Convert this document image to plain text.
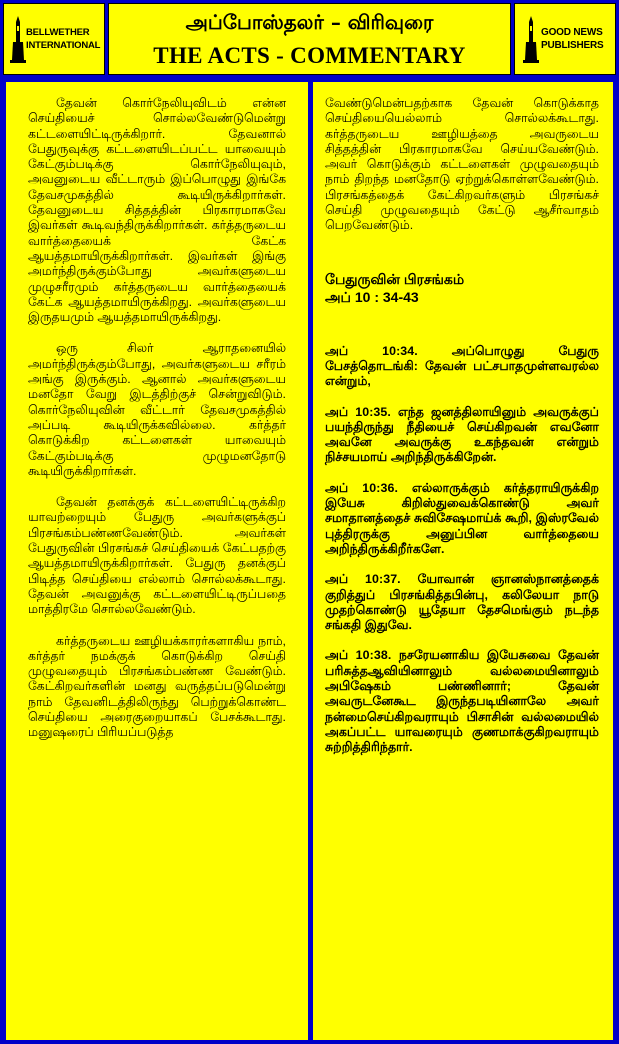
BELLWETHER
INTERNATIONAL
அப்போஸ்தலர் – விரிவுரை
THE ACTS - COMMENTARY
GOOD NEWS
PUBLISHERS

தேவன் கொர்நேலியுவிடம் என்ன செய்தியைச் சொல்லவேண்டுமென்று கட்டளையிட்டிருக்கிறார். தேவனால் பேதுருவுக்கு கட்டளையிடப்பட்ட யாவையும் கேட்கும்படிக்கு கொர்நேலியுவும், அவனுடைய வீட்டாரும் இப்பொழுது இங்கே தேவசமுகத்தில் கூடியிருக்கிறார்கள். தேவனுடைய சித்தத்தின் பிரகாரமாகவே இவர்கள் கூடிவந்திருக்கிறார்கள். கர்த்தருடைய வார்த்தையைக் கேட்க ஆயத்தமாயிருக்கிறார்கள். இவர்கள் இங்கு அமர்ந்திருக்கும்போது அவர்களுடைய முழுசரீரமும் கர்த்தருடைய வார்த்தையைக் கேட்க ஆயத்தமாயிருக்கிறது. அவர்களுடைய இருதயமும் ஆயத்தமாயிருக்கிறது.

ஒரு சிலர் ஆராதனையில் அமர்ந்திருக்கும்போது, அவர்களுடைய சரீரம் அங்கு இருக்கும். ஆனால் அவர்களுடைய மனதோ வேறு இடத்திற்குச் சென்றுவிடும். கொர்நேலியுவின் வீட்டார் தேவசமுகத்தில் அப்படி கூடியிருக்கவில்லை. கர்த்தர் கொடுக்கிற கட்டளைகள் யாவையும் கேட்கும்படிக்கு முழுமனதோடு கூடியிருக்கிறார்கள்.

தேவன் தனக்குக் கட்டளையிட்டிருக்கிற யாவற்றையும் பேதுரு அவர்களுக்குப் பிரசங்கம்பண்ணவேண்டும். அவர்கள் பேதுருவின் பிரசங்கச் செய்தியைக் கேட்பதற்கு ஆயத்தமாயிருக்கிறார்கள். பேதுரு தனக்குப் பிடித்த செய்தியை எல்லாம் சொல்லக்கூடாது. தேவன் அவனுக்கு கட்டளையிட்டிருப்பதை மாத்திரமே சொல்லவேண்டும்.

கர்த்தருடைய ஊழியக்காரர்களாகிய நாம், கர்த்தர் நமக்குக் கொடுக்கிற செய்தி முழுவதையும் பிரசங்கம்பண்ண வேண்டும். கேட்கிறவர்களின் மனது வருத்தப்படுமென்று நாம் தேவனிடத்திலிருந்து பெற்றுக்கொண்ட செய்தியை அரைகுறையாகப் பேசக்கூடாது. மனுஷரைப் பிரியப்படுத்த

வேண்டுமென்பதற்காக தேவன் கொடுக்காத செய்தியையெல்லாம் சொல்லக்கூடாது. கர்த்தருடைய ஊழியத்தை அவருடைய சித்தத்தின் பிரகாரமாகவே செய்யவேண்டும். அவர் கொடுக்கும் கட்டளைகள் முழுவதையும் நாம் திறந்த மனதோடு ஏற்றுக்கொள்ளவேண்டும். பிரசங்கத்தைக் கேட்கிறவர்களும் பிரசங்கச் செய்தி முழுவதையும் கேட்டு ஆசீர்வாதம் பெறவேண்டும்.

பேதுருவின் பிரசங்கம்
அப் 10 : 34-43

அப் 10:34. அப்பொழுது பேதுரு பேசத்தொடங்கி: தேவன் பட்சபாதமுள்ளவரல்ல என்றும்,

அப் 10:35. எந்த ஜனத்திலாயினும் அவருக்குப் பயந்திருந்து நீதியைச் செய்கிறவன் எவனோ அவனே அவருக்கு உகந்தவன் என்றும் நிச்சயமாய் அறிந்திருக்கிறேன்.

அப் 10:36. எல்லாருக்கும் கர்த்தராயிருக்கிற இயேசு கிறிஸ்துவைக்கொண்டு அவர் சமாதானத்தைச் சுவிசேஷமாய்க் கூறி, இஸ்ரவேல் புத்திரருக்கு அனுப்பின வார்த்தையை அறிந்திருக்கிறீர்களே.

அப் 10:37. யோவான் ஞானஸ்நானத்தைக் குறித்துப் பிரசங்கித்தபின்பு, கலிலேயா நாடு முதற்கொண்டு யூதேயா தேசமெங்கும் நடந்த சங்கதி இதுவே.

அப் 10:38. நசரேயனாகிய இயேசுவை தேவன் பரிசுத்தஆவியினாலும் வல்லமையினாலும் அபிஷேகம் பண்ணினார்; தேவன் அவருடனேகூட இருந்தபடியினாலே அவர் நன்மைசெய்கிறவராயும் பிசாசின் வல்லமையில் அகப்பட்ட யாவரையும் குணமாக்குகிறவராயும் சுற்றித்திரிந்தார்.
